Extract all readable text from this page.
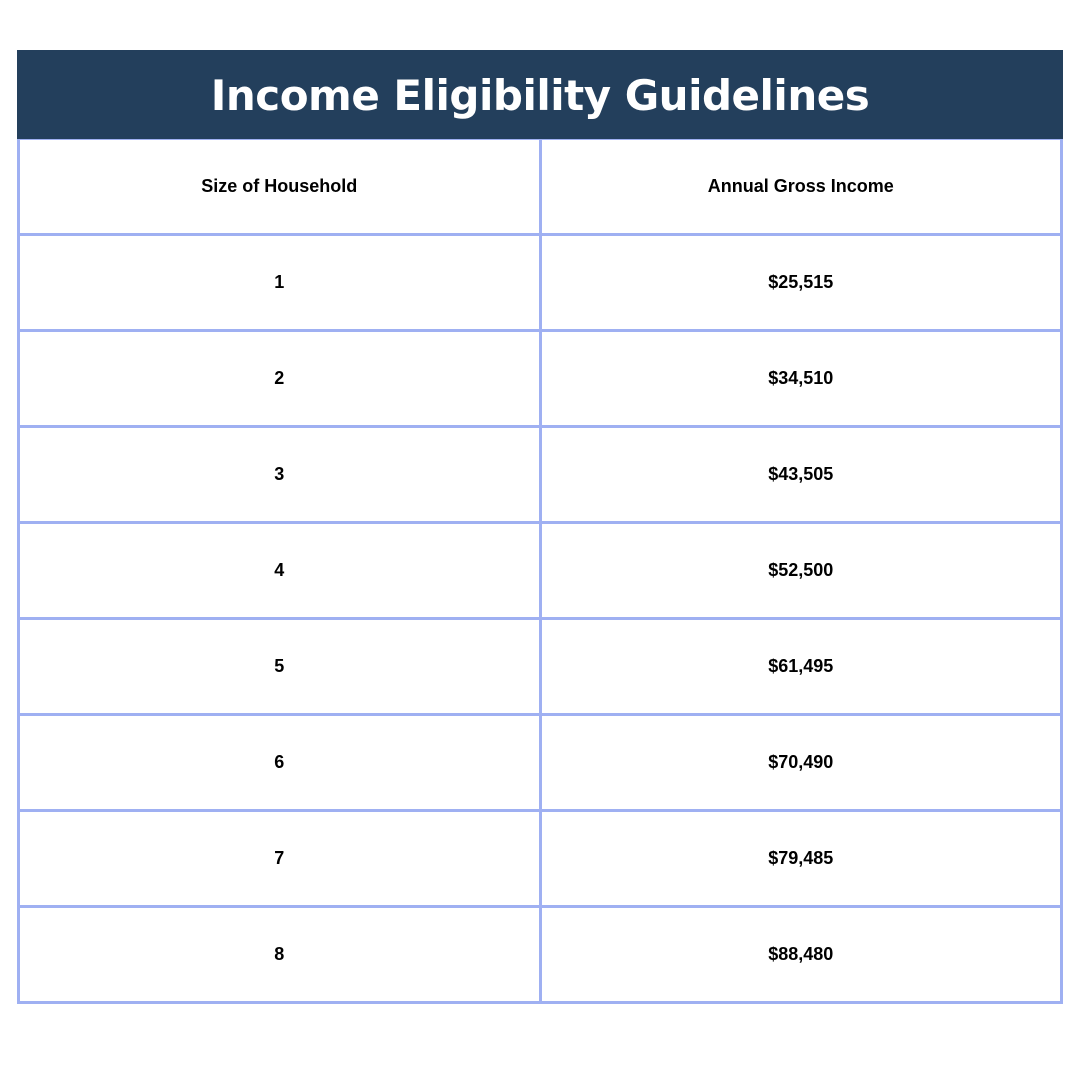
Income Eligibility Guidelines
Size of Household	Annual Gross Income
1	$25,515
2	$34,510
3	$43,505
4	$52,500
5	$61,495
6	$70,490
7	$79,485
8	$88,480
